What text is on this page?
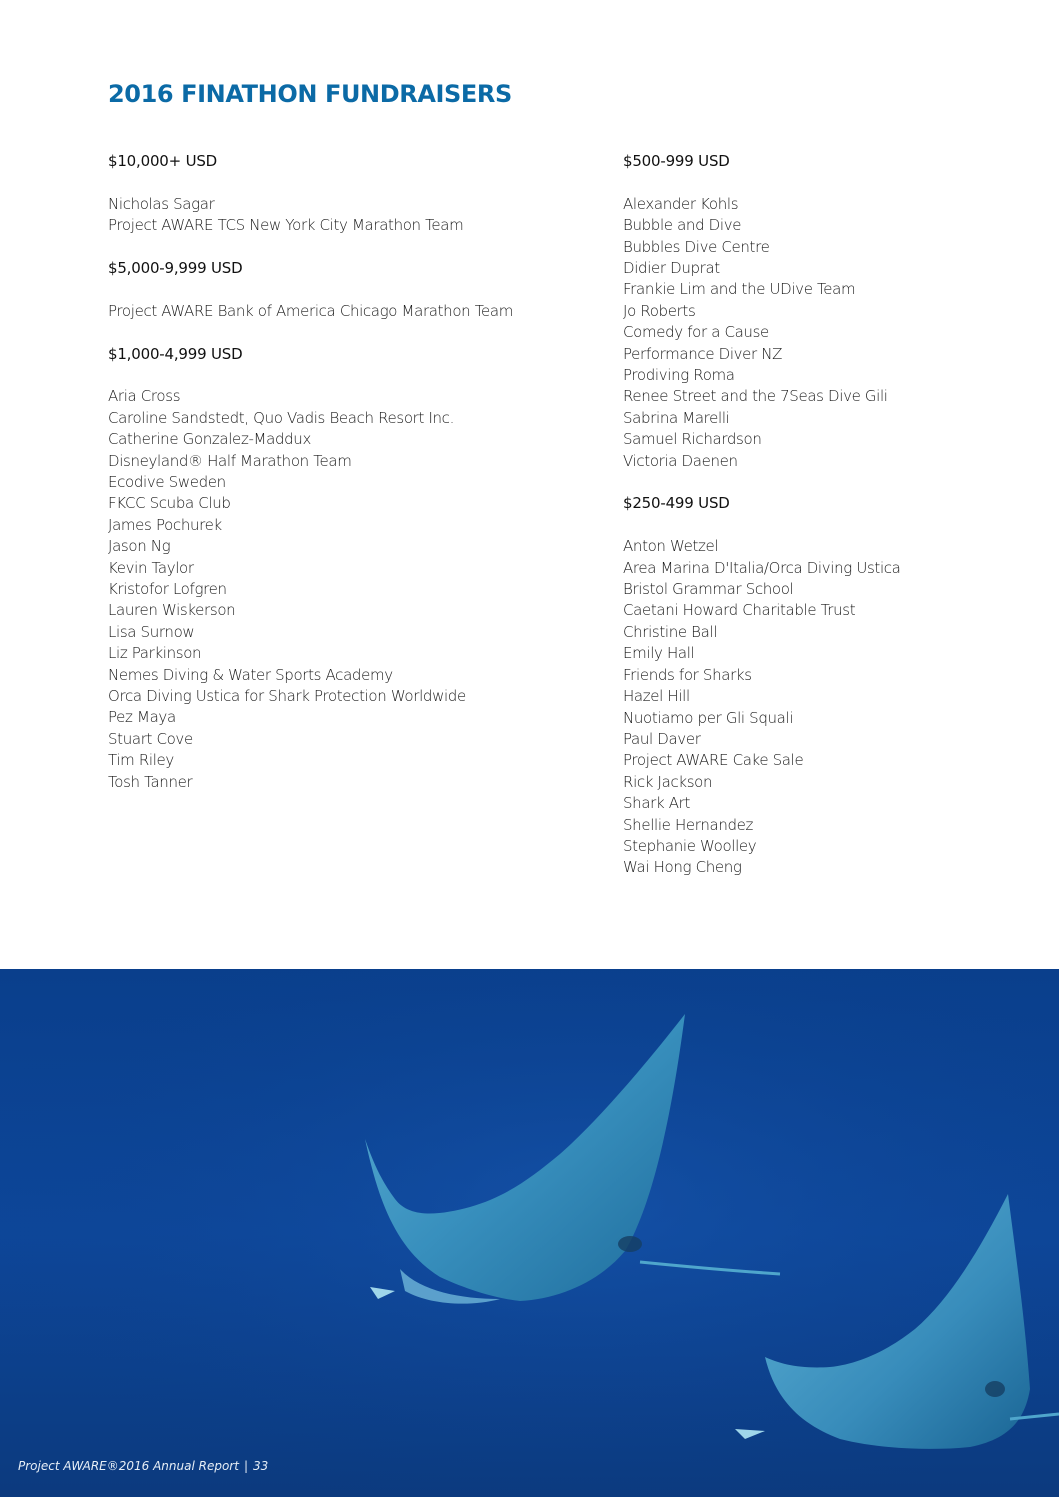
2016 FINATHON FUNDRAISERS
$10,000+ USD
Nicholas Sagar
Project AWARE TCS New York City Marathon Team
$5,000-9,999 USD
Project AWARE Bank of America Chicago Marathon Team
$1,000-4,999 USD
Aria Cross
Caroline Sandstedt, Quo Vadis Beach Resort Inc.
Catherine Gonzalez-Maddux
Disneyland® Half Marathon Team
Ecodive Sweden
FKCC Scuba Club
James Pochurek
Jason Ng
Kevin Taylor
Kristofor Lofgren
Lauren Wiskerson
Lisa Surnow
Liz Parkinson
Nemes Diving & Water Sports Academy
Orca Diving Ustica for Shark Protection Worldwide
Pez Maya
Stuart Cove
Tim Riley
Tosh Tanner
$500-999 USD
Alexander Kohls
Bubble and Dive
Bubbles Dive Centre
Didier Duprat
Frankie Lim and the UDive Team
Jo Roberts
Comedy for a Cause
Performance Diver NZ
Prodiving Roma
Renee Street and the 7Seas Dive Gili
Sabrina Marelli
Samuel Richardson
Victoria Daenen
$250-499 USD
Anton Wetzel
Area Marina D'Italia/Orca Diving Ustica
Bristol Grammar School
Caetani Howard Charitable Trust
Christine Ball
Emily Hall
Friends for Sharks
Hazel Hill
Nuotiamo per Gli Squali
Paul Daver
Project AWARE Cake Sale
Rick Jackson
Shark Art
Shellie Hernandez
Stephanie Woolley
Wai Hong Cheng
Project AWARE®2016 Annual Report | 33
